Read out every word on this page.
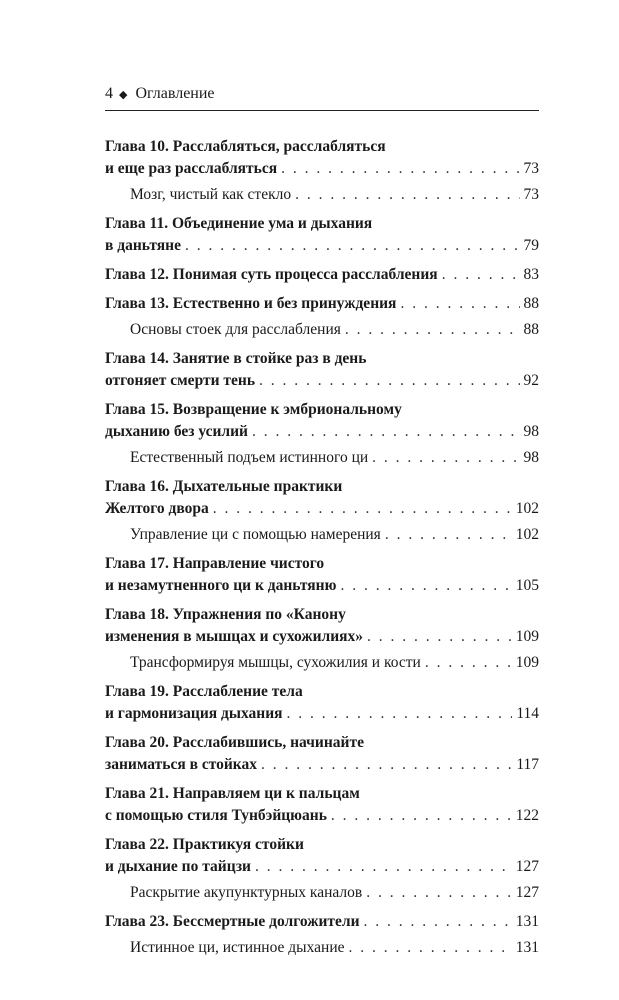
4 ◆ Оглавление
Глава 10. Расслабляться, расслабляться
и еще раз расслабляться . . .	73
Мозг, чистый как стекло . . .	73
Глава 11. Объединение ума и дыхания
в даньтяне . . .	79
Глава 12. Понимая суть процесса расслабления . . .	83
Глава 13. Естественно и без принуждения . . .	88
Основы стоек для расслабления . . .	88
Глава 14. Занятие в стойке раз в день
отгоняет смерти тень . . .	92
Глава 15. Возвращение к эмбриональному
дыханию без усилий . . .	98
Естественный подъем истинного ци . . .	98
Глава 16. Дыхательные практики
Желтого двора . . .	102
Управление ци с помощью намерения . . .	102
Глава 17. Направление чистого
и незамутненного ци к даньтяню . . .	105
Глава 18. Упражнения по «Канону
изменения в мышцах и сухожилиях» . . .	109
Трансформируя мышцы, сухожилия и кости . . .	109
Глава 19. Расслабление тела
и гармонизация дыхания . . .	114
Глава 20. Расслабившись, начинайте
заниматься в стойках . . .	117
Глава 21. Направляем ци к пальцам
с помощью стиля Тунбэйцюань . . .	122
Глава 22. Практикуя стойки
и дыхание по тайцзи . . .	127
Раскрытие акупунктурных каналов . . .	127
Глава 23. Бессмертные долгожители . . .	131
Истинное ци, истинное дыхание . . .	131
